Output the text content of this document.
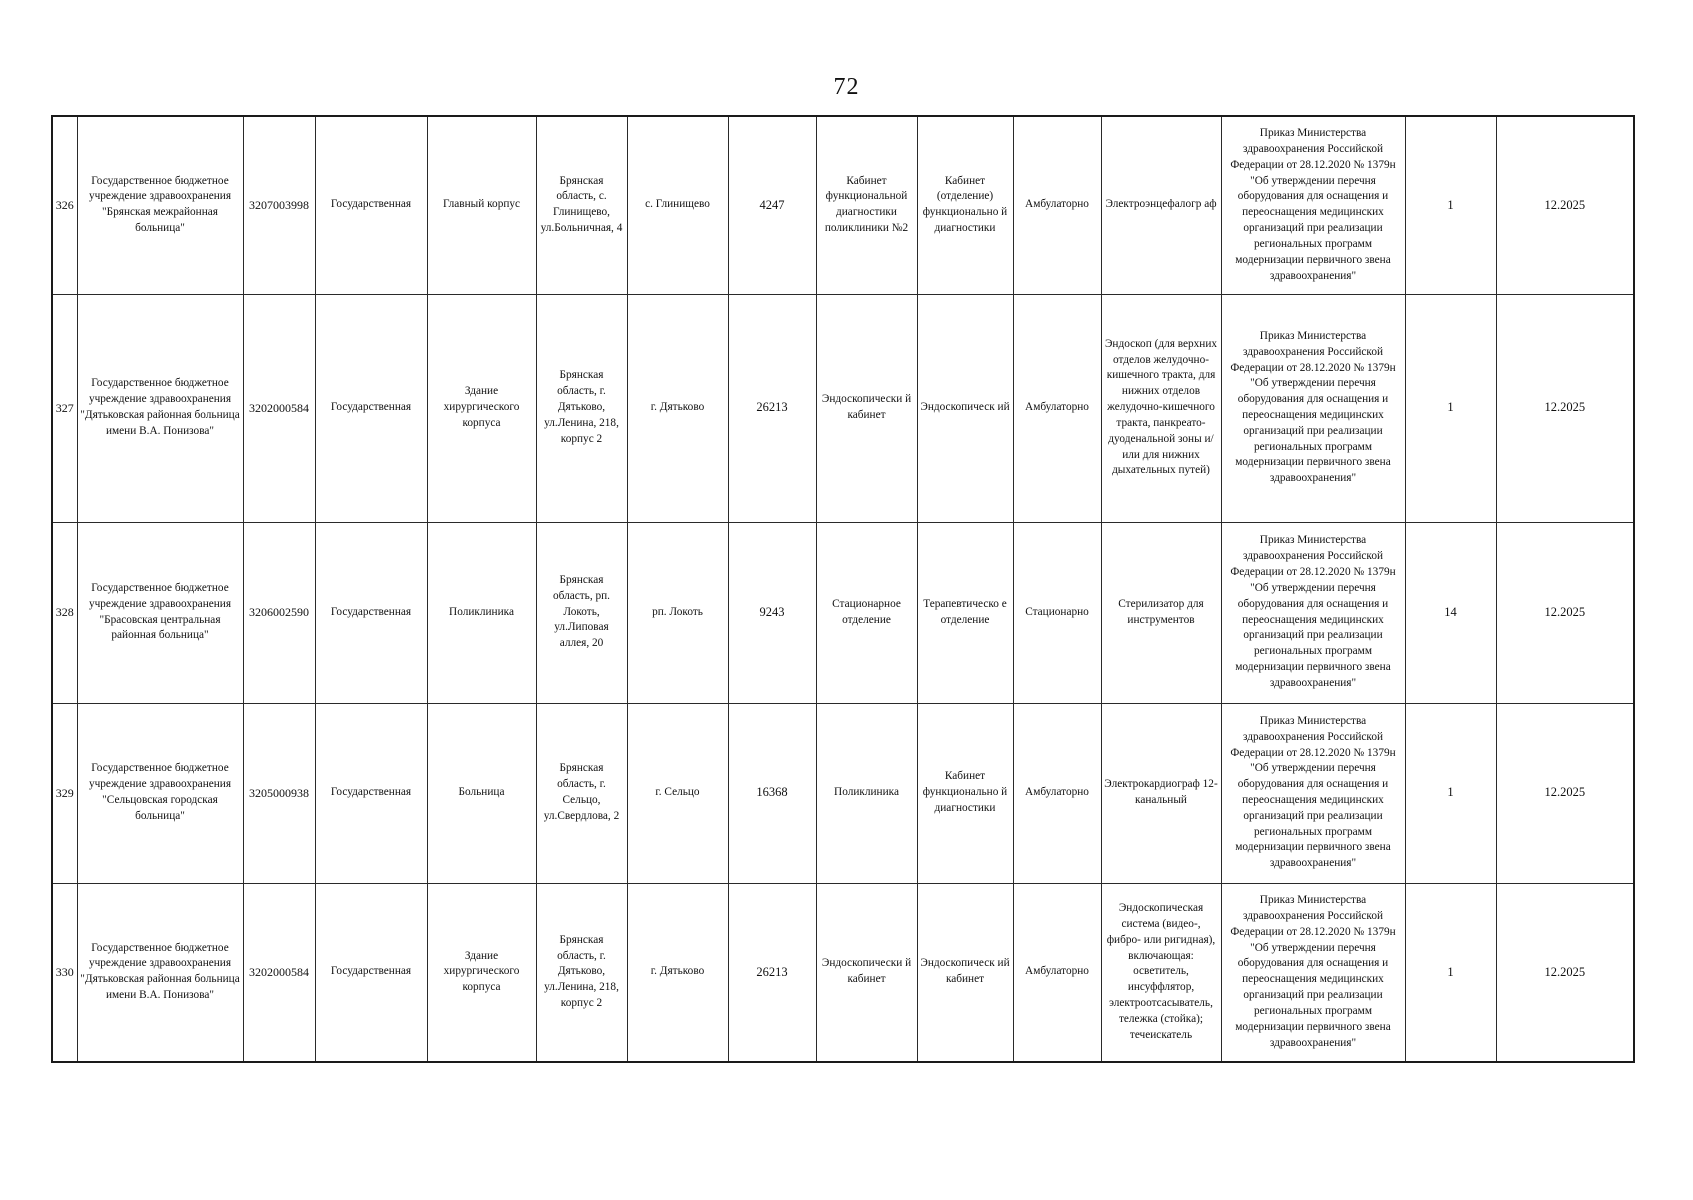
72
326	Государственное бюджетное учреждение здравоохранения "Брянская межрайонная больница"	3207003998	Государственная	Главный корпус	Брянская область, с. Глинищево, ул.Больничная, 4	с. Глинищево	4247	Кабинет функциональной диагностики поликлиники №2	Кабинет (отделение) функционально й диагностики	Амбулаторно	Электроэнцефалогр аф	Приказ Министерства здравоохранения Российской Федерации от 28.12.2020 № 1379н "Об утверждении перечня оборудования для оснащения и переоснащения медицинских организаций при реализации региональных программ модернизации первичного звена здравоохранения"	1	12.2025
327	Государственное бюджетное учреждение здравоохранения "Дятьковская районная больница имени В.А. Понизова"	3202000584	Государственная	Здание хирургического корпуса	Брянская область, г. Дятьково, ул.Ленина, 218, корпус 2	г. Дятьково	26213	Эндоскопически й кабинет	Эндоскопическ ий	Амбулаторно	Эндоскоп (для верхних отделов желудочно-кишечного тракта, для нижних отделов желудочно-кишечного тракта, панкреато-дуоденальной зоны и/или для нижних дыхательных путей)	Приказ Министерства здравоохранения Российской Федерации от 28.12.2020 № 1379н "Об утверждении перечня оборудования для оснащения и переоснащения медицинских организаций при реализации региональных программ модернизации первичного звена здравоохранения"	1	12.2025
328	Государственное бюджетное учреждение здравоохранения "Брасовская центральная районная больница"	3206002590	Государственная	Поликлиника	Брянская область, рп. Локоть, ул.Липовая аллея, 20	рп. Локоть	9243	Стационарное отделение	Терапевтическо е отделение	Стационарно	Стерилизатор для инструментов	Приказ Министерства здравоохранения Российской Федерации от 28.12.2020 № 1379н "Об утверждении перечня оборудования для оснащения и переоснащения медицинских организаций при реализации региональных программ модернизации первичного звена здравоохранения"	14	12.2025
329	Государственное бюджетное учреждение здравоохранения "Сельцовская городская больница"	3205000938	Государственная	Больница	Брянская область, г. Сельцо, ул.Свердлова, 2	г. Сельцо	16368	Поликлиника	Кабинет функционально й диагностики	Амбулаторно	Электрокардиограф 12-канальный	Приказ Министерства здравоохранения Российской Федерации от 28.12.2020 № 1379н "Об утверждении перечня оборудования для оснащения и переоснащения медицинских организаций при реализации региональных программ модернизации первичного звена здравоохранения"	1	12.2025
330	Государственное бюджетное учреждение здравоохранения "Дятьковская районная больница имени В.А. Понизова"	3202000584	Государственная	Здание хирургического корпуса	Брянская область, г. Дятьково, ул.Ленина, 218, корпус 2	г. Дятьково	26213	Эндоскопически й кабинет	Эндоскопическ ий кабинет	Амбулаторно	Эндоскопическая система (видео-, фибро- или ригидная), включающая: осветитель, инсуффлятор, электроотсасыватель, тележка (стойка); течеискатель	Приказ Министерства здравоохранения Российской Федерации от 28.12.2020 № 1379н "Об утверждении перечня оборудования для оснащения и переоснащения медицинских организаций при реализации региональных программ модернизации первичного звена здравоохранения"	1	12.2025
